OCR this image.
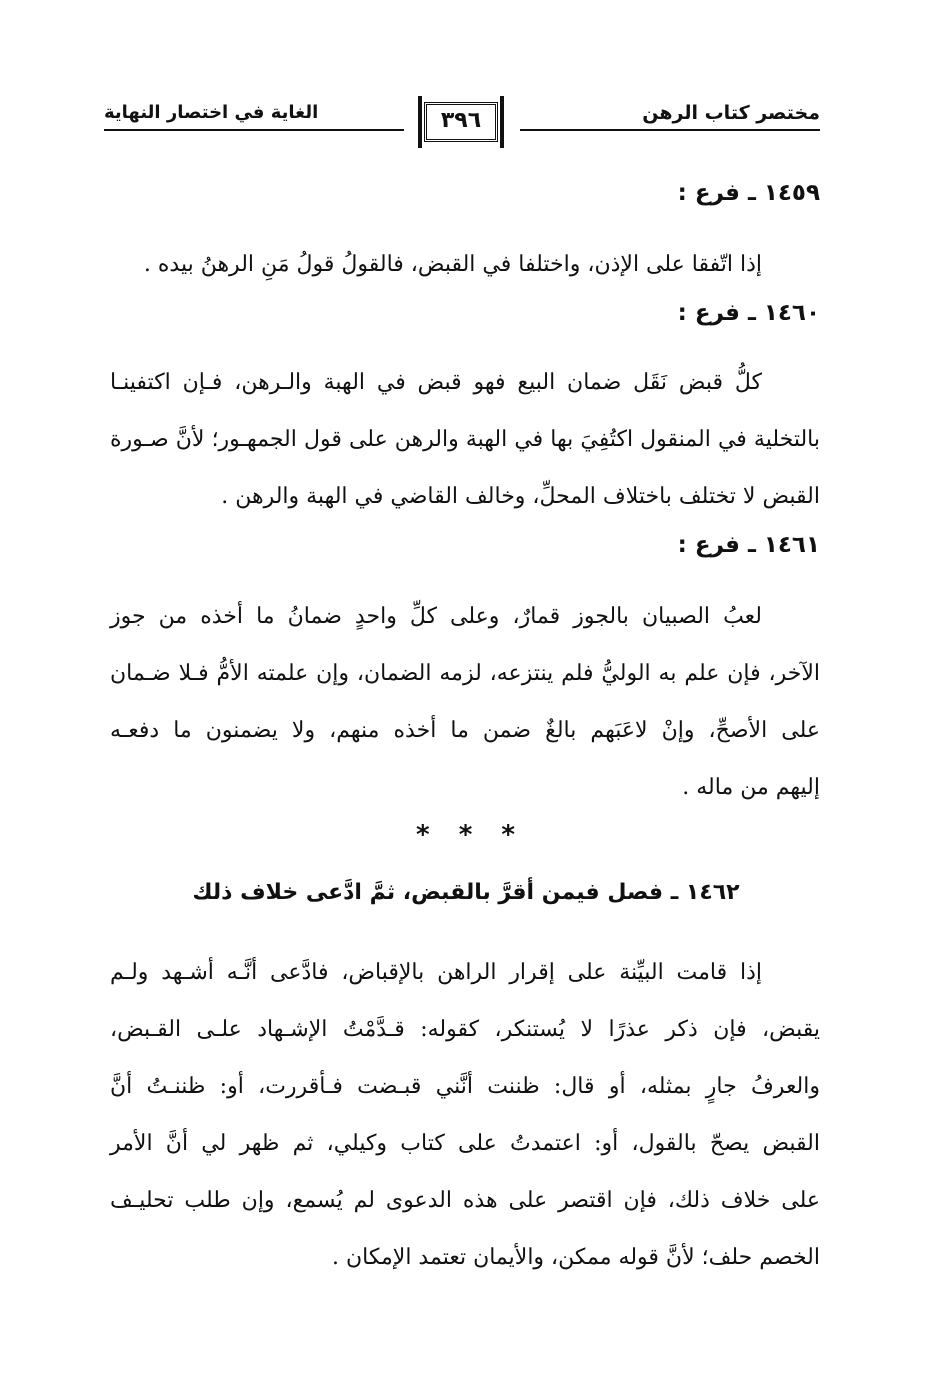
مختصر كتاب الرهن
٣٩٦
الغاية في اختصار النهاية
١٤٥٩ ـ فرع :
إذا اتّفقا على الإذن، واختلفا في القبض، فالقولُ قولُ مَنِ الرهنُ بيده .
١٤٦٠ ـ فرع :
كلُّ قبض نَقَل ضمان البيع فهو قبض في الهبة والـرهن، فـإن اكتفينـا
بالتخلية في المنقول اكتُفِيَ بها في الهبة والرهن على قول الجمهـور؛ لأنَّ صـورة
القبض لا تختلف باختلاف المحلِّ، وخالف القاضي في الهبة والرهن .
١٤٦١ ـ فرع :
لعبُ الصبيان بالجوز قمارٌ، وعلى كلِّ واحدٍ ضمانُ ما أخذه من جوز
الآخر، فإن علم به الوليُّ فلم ينتزعه، لزمه الضمان، وإن علمته الأمُّ فـلا ضـمان
على الأصحِّ، وإنْ لاعَبَهم بالغٌ ضمن ما أخذه منهم، ولا يضمنون ما دفعـه
إليهم من ماله .
* * *
١٤٦٢ ـ فصل فيمن أقرَّ بالقبض، ثمَّ ادَّعى خلاف ذلك
إذا قامت البيِّنة على إقرار الراهن بالإقباض، فادَّعى أنَّـه أشـهد ولـم
يقبض، فإن ذكر عذرًا لا يُستنكر، كقوله: قـدَّمْتُ الإشـهاد علـى القـبض،
والعرفُ جارٍ بمثله، أو قال: ظننت أنَّني قبـضت فـأقررت، أو: ظننـتُ أنَّ
القبض يصحّ بالقول، أو: اعتمدتُ على كتاب وكيلي، ثم ظهر لي أنَّ الأمر
على خلاف ذلك، فإن اقتصر على هذه الدعوى لم يُسمع، وإن طلب تحليـف
الخصم حلف؛ لأنَّ قوله ممكن، والأيمان تعتمد الإمكان .
